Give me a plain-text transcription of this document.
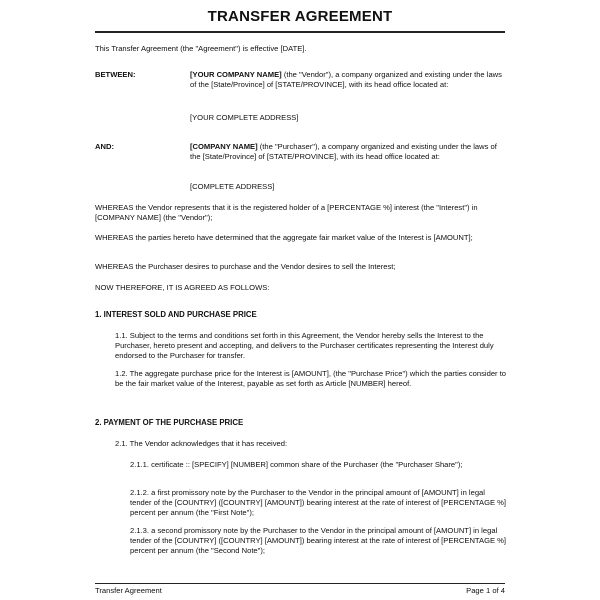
TRANSFER AGREEMENT
This Transfer Agreement (the "Agreement") is effective [DATE].
BETWEEN:	[YOUR COMPANY NAME] (the "Vendor"), a company organized and existing under the laws of the [State/Province] of [STATE/PROVINCE], with its head office located at:
[YOUR COMPLETE ADDRESS]
AND:	[COMPANY NAME] (the "Purchaser"), a company organized and existing under the laws of the [State/Province] of [STATE/PROVINCE], with its head office located at:
[COMPLETE ADDRESS]
WHEREAS the Vendor represents that it is the registered holder of a [PERCENTAGE %] interest (the "Interest") in [COMPANY NAME] (the "Vendor");
WHEREAS the parties hereto have determined that the aggregate fair market value of the Interest is [AMOUNT];
WHEREAS the Purchaser desires to purchase and the Vendor desires to sell the Interest;
NOW THEREFORE, IT IS AGREED AS FOLLOWS:
1. INTEREST SOLD AND PURCHASE PRICE
1.1. Subject to the terms and conditions set forth in this Agreement, the Vendor hereby sells the Interest to the Purchaser, hereto present and accepting, and delivers to the Purchaser certificates representing the Interest duly endorsed to the Purchaser for transfer.
1.2. The aggregate purchase price for the Interest is [AMOUNT], (the "Purchase Price") which the parties consider to be the fair market value of the Interest, payable as set forth as Article [NUMBER] hereof.
2. PAYMENT OF THE PURCHASE PRICE
2.1. The Vendor acknowledges that it has received:
2.1.1. certificate :: [SPECIFY] [NUMBER] common share of the Purchaser (the "Purchaser Share");
2.1.2. a first promissory note by the Purchaser to the Vendor in the principal amount of [AMOUNT] in legal tender of the [COUNTRY] ([COUNTRY] [AMOUNT]) bearing interest at the rate of interest of [PERCENTAGE %] percent per annum (the "First Note");
2.1.3. a second promissory note by the Purchaser to the Vendor in the principal amount of [AMOUNT] in legal tender of the [COUNTRY] ([COUNTRY] [AMOUNT]) bearing interest at the rate of interest of [PERCENTAGE %] percent per annum (the "Second Note");
Transfer Agreement	Page 1 of 4
